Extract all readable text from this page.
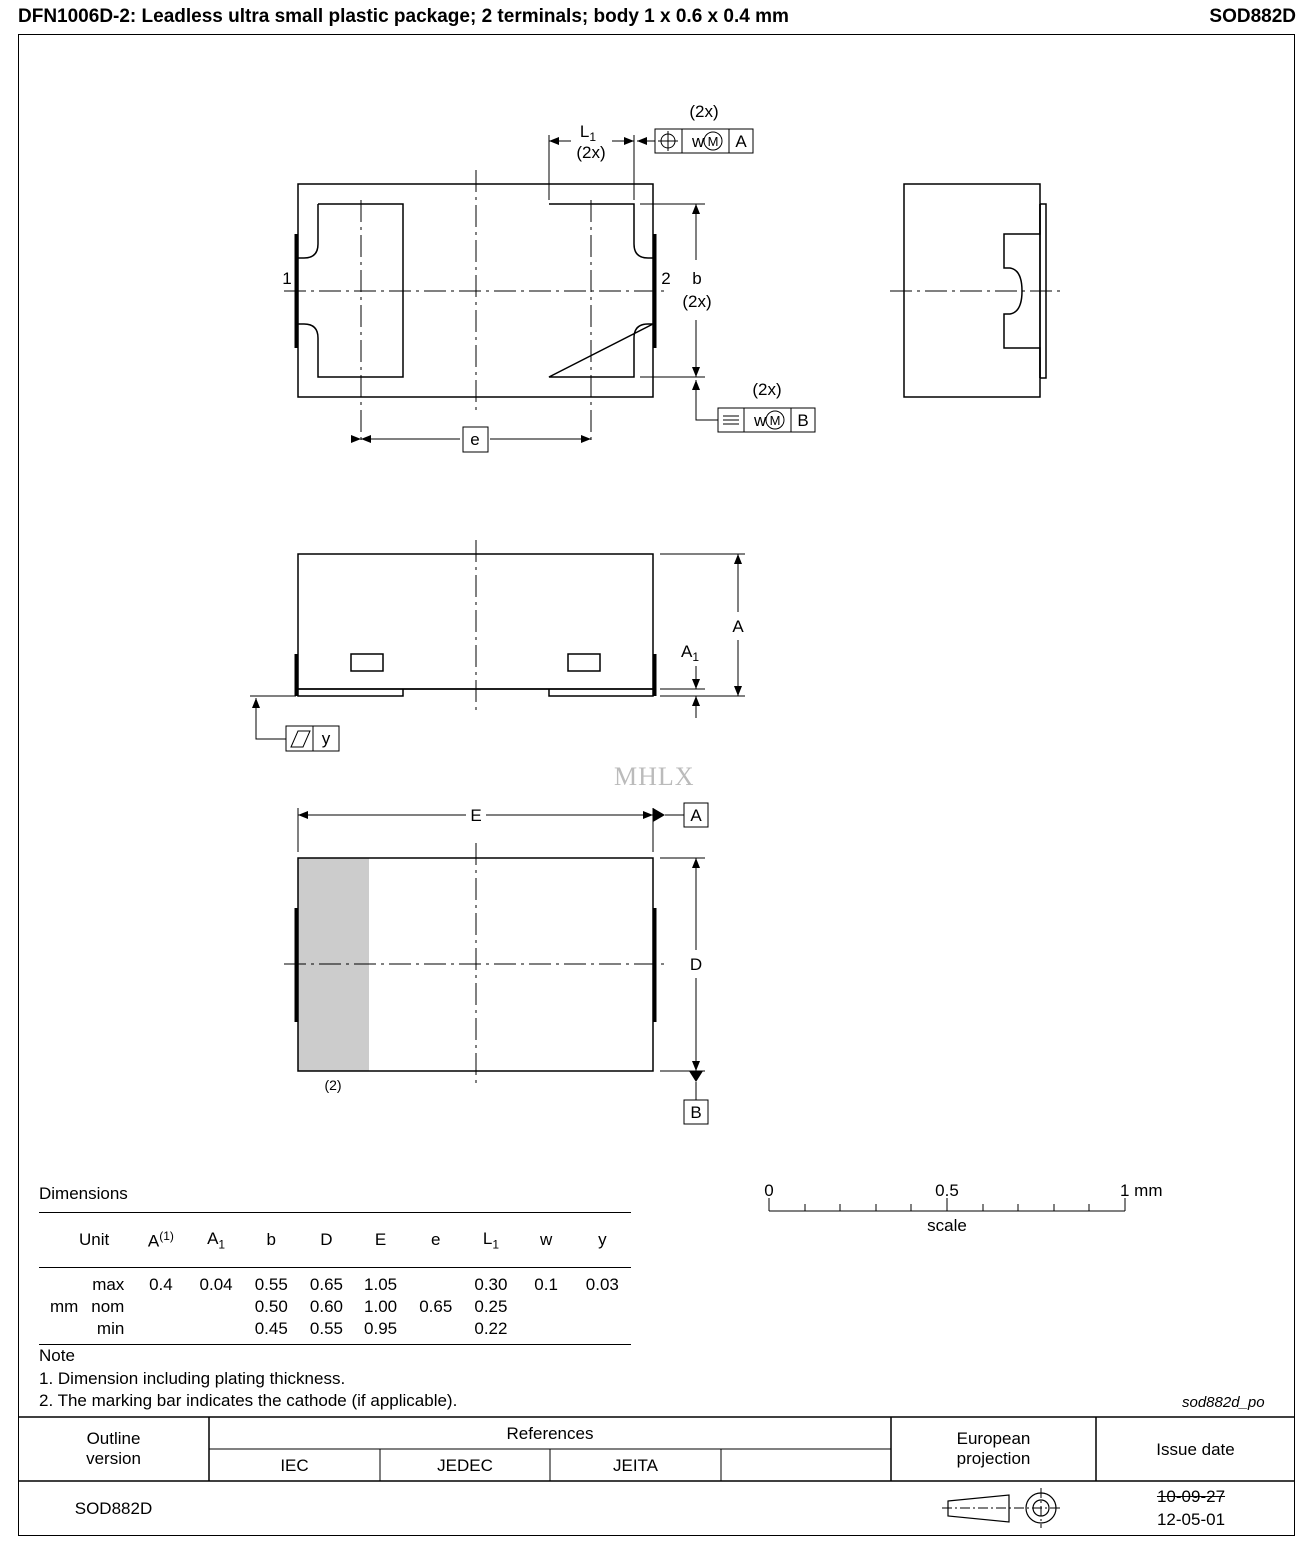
DFN1006D-2: Leadless ultra small plastic package; 2 terminals; body 1 x 0.6 x 0.4 mm	SOD882D
1	2
$L_1$
(2x)
(2x)
w M A
b
(2x)
(2x)
w M B
e
A
$A_1$
y
E	A
D
B
(2)
0	0.5	1 mm
scale
MHLX
Dimensions
Unit		$A^{(1)}$	$A_1$	b	D	E	e	$L_1$	w	y
	max	0.4	0.04	0.55	0.65	1.05		0.30	0.1	0.03
mm	nom			0.50	0.60	1.00	0.65	0.25		
	min			0.45	0.55	0.95		0.22		
Note
1. Dimension including plating thickness.
2. The marking bar indicates the cathode (if applicable).	sod882d_po
Outline
version
References
IEC	JEDEC	JEITA
European
projection	Issue date
SOD882D
10-09-27
12-05-01
